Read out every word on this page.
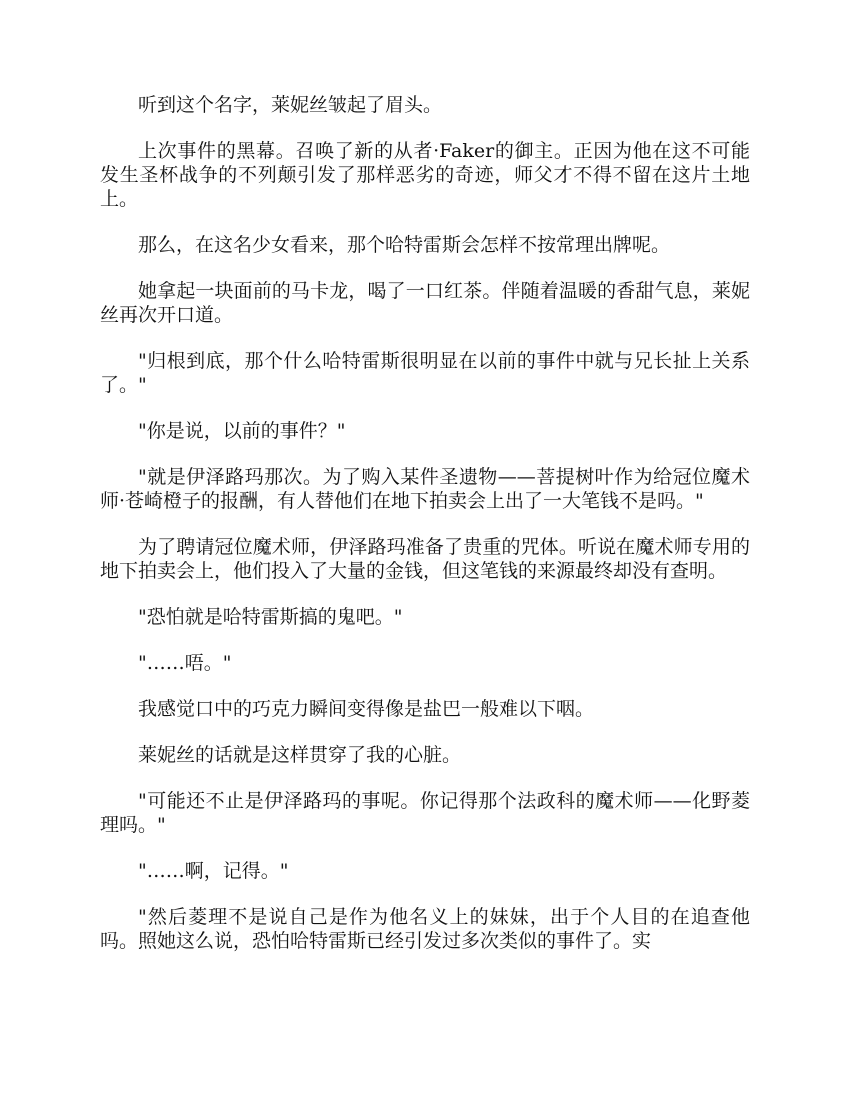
听到这个名字，莱妮丝皱起了眉头。

上次事件的黑幕。召唤了新的从者·Faker的御主。正因为他在这不可能发生圣杯战争的不列颠引发了那样恶劣的奇迹，师父才不得不留在这片土地上。

那么，在这名少女看来，那个哈特雷斯会怎样不按常理出牌呢。

她拿起一块面前的马卡龙，喝了一口红茶。伴随着温暖的香甜气息，莱妮丝再次开口道。

"归根到底，那个什么哈特雷斯很明显在以前的事件中就与兄长扯上关系了。"

"你是说，以前的事件？"

"就是伊泽路玛那次。为了购入某件圣遗物——菩提树叶作为给冠位魔术师·苍崎橙子的报酬，有人替他们在地下拍卖会上出了一大笔钱不是吗。"

为了聘请冠位魔术师，伊泽路玛准备了贵重的咒体。听说在魔术师专用的地下拍卖会上，他们投入了大量的金钱，但这笔钱的来源最终却没有查明。

"恐怕就是哈特雷斯搞的鬼吧。"

"……唔。"

我感觉口中的巧克力瞬间变得像是盐巴一般难以下咽。

莱妮丝的话就是这样贯穿了我的心脏。

"可能还不止是伊泽路玛的事呢。你记得那个法政科的魔术师——化野菱理吗。"

"……啊，记得。"

"然后菱理不是说自己是作为他名义上的妹妹，出于个人目的在追查他吗。照她这么说，恐怕哈特雷斯已经引发过多次类似的事件了。实
